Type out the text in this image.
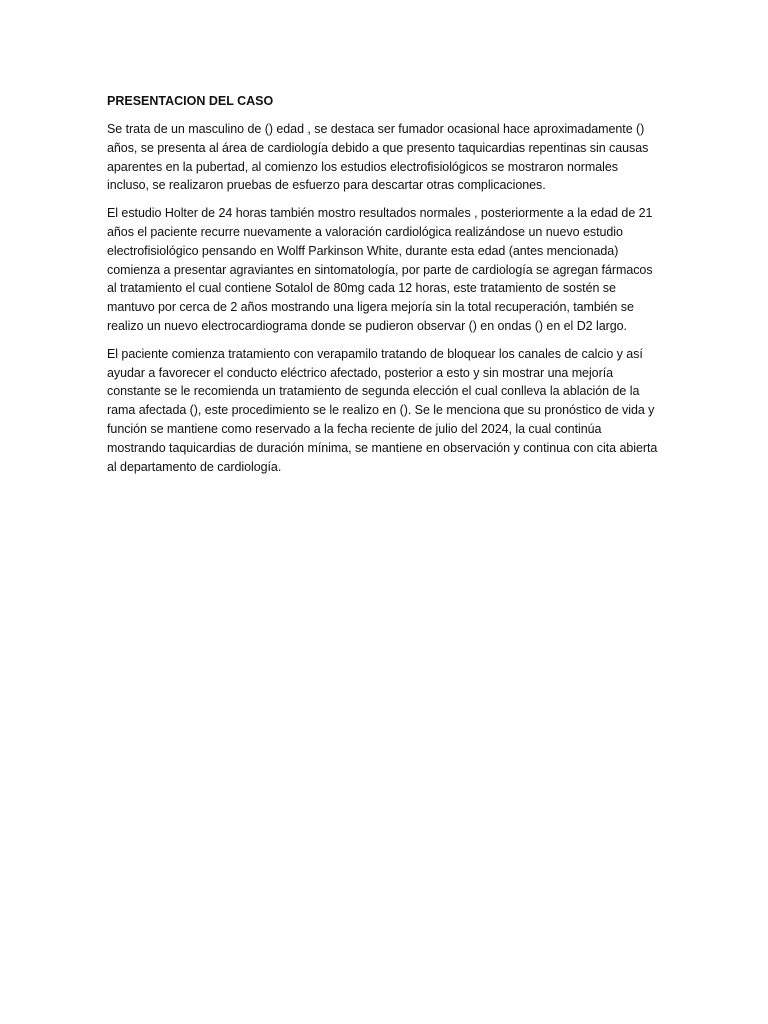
PRESENTACION DEL CASO

Se trata de un masculino de () edad , se destaca ser fumador ocasional hace aproximadamente () años, se presenta al área de cardiología debido a que presento taquicardias repentinas sin causas aparentes en la pubertad, al comienzo los estudios electrofisiológicos se mostraron normales incluso, se realizaron pruebas de esfuerzo para descartar otras complicaciones.

El estudio Holter de 24 horas también mostro resultados normales , posteriormente a la edad de 21 años el paciente recurre nuevamente a valoración cardiológica realizándose un nuevo estudio electrofisiológico pensando en Wolff Parkinson White, durante esta edad (antes mencionada) comienza a presentar agraviantes en sintomatología, por parte de cardiología se agregan fármacos al tratamiento el cual contiene Sotalol de 80mg cada 12 horas, este tratamiento de sostén se mantuvo por cerca de 2 años mostrando una ligera mejoría sin la total recuperación, también se realizo un nuevo electrocardiograma donde se pudieron observar () en ondas () en el D2 largo.

El paciente comienza tratamiento con verapamilo tratando de bloquear los canales de calcio y así ayudar a favorecer el conducto eléctrico afectado, posterior a esto y sin mostrar una mejoría constante se le recomienda un tratamiento de segunda elección el cual conlleva la ablación de la rama afectada (), este procedimiento se le realizo en (). Se le menciona que su pronóstico de vida y función se mantiene como reservado a la fecha reciente de julio del 2024, la cual continúa mostrando taquicardias de duración mínima, se mantiene en observación y continua con cita abierta al departamento de cardiología.
